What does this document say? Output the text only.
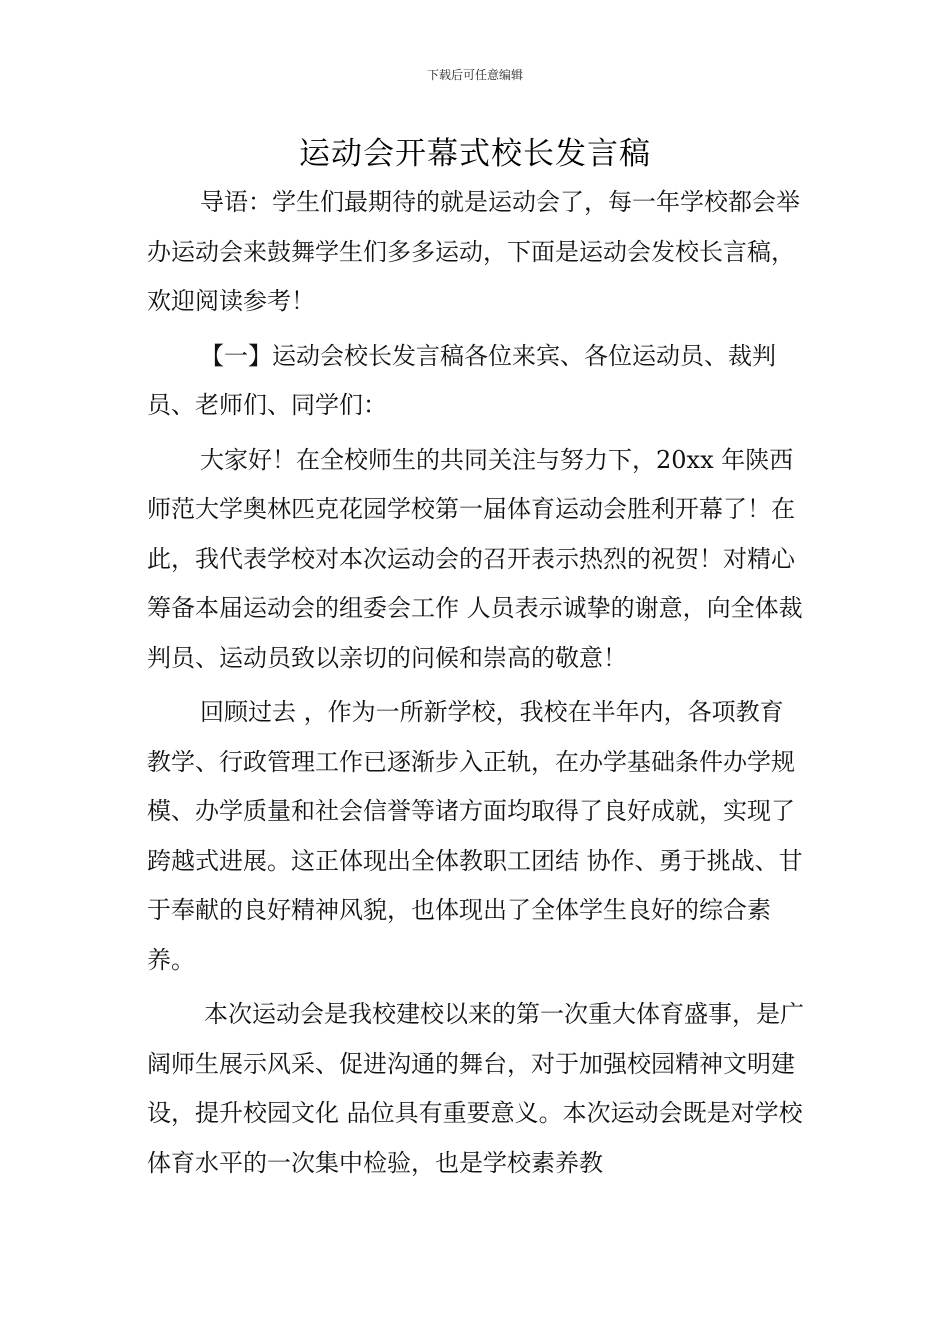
下载后可任意编辑
运动会开幕式校长发言稿

导语：学生们最期待的就是运动会了，每一年学校都会举办运动会来鼓舞学生们多多运动，下面是运动会发校长言稿，欢迎阅读参考！

【一】运动会校长发言稿各位来宾、各位运动员、裁判员、老师们、同学们：

大家好！在全校师生的共同关注与努力下，20xx 年陕西师范大学奥林匹克花园学校第一届体育运动会胜利开幕了！在此，我代表学校对本次运动会的召开表示热烈的祝贺！对精心筹备本届运动会的组委会工作 人员表示诚挚的谢意，向全体裁判员、运动员致以亲切的问候和崇高的敬意！

回顾过去 ，作为一所新学校，我校在半年内，各项教育教学、行政管理工作已逐渐步入正轨，在办学基础条件办学规模、办学质量和社会信誉等诸方面均取得了良好成就，实现了跨越式进展。这正体现出全体教职工团结 协作、勇于挑战、甘于奉献的良好精神风貌，也体现出了全体学生良好的综合素养。

本次运动会是我校建校以来的第一次重大体育盛事，是广阔师生展示风采、促进沟通的舞台，对于加强校园精神文明建设，提升校园文化 品位具有重要意义。本次运动会既是对学校体育水平的一次集中检验，也是学校素养教
